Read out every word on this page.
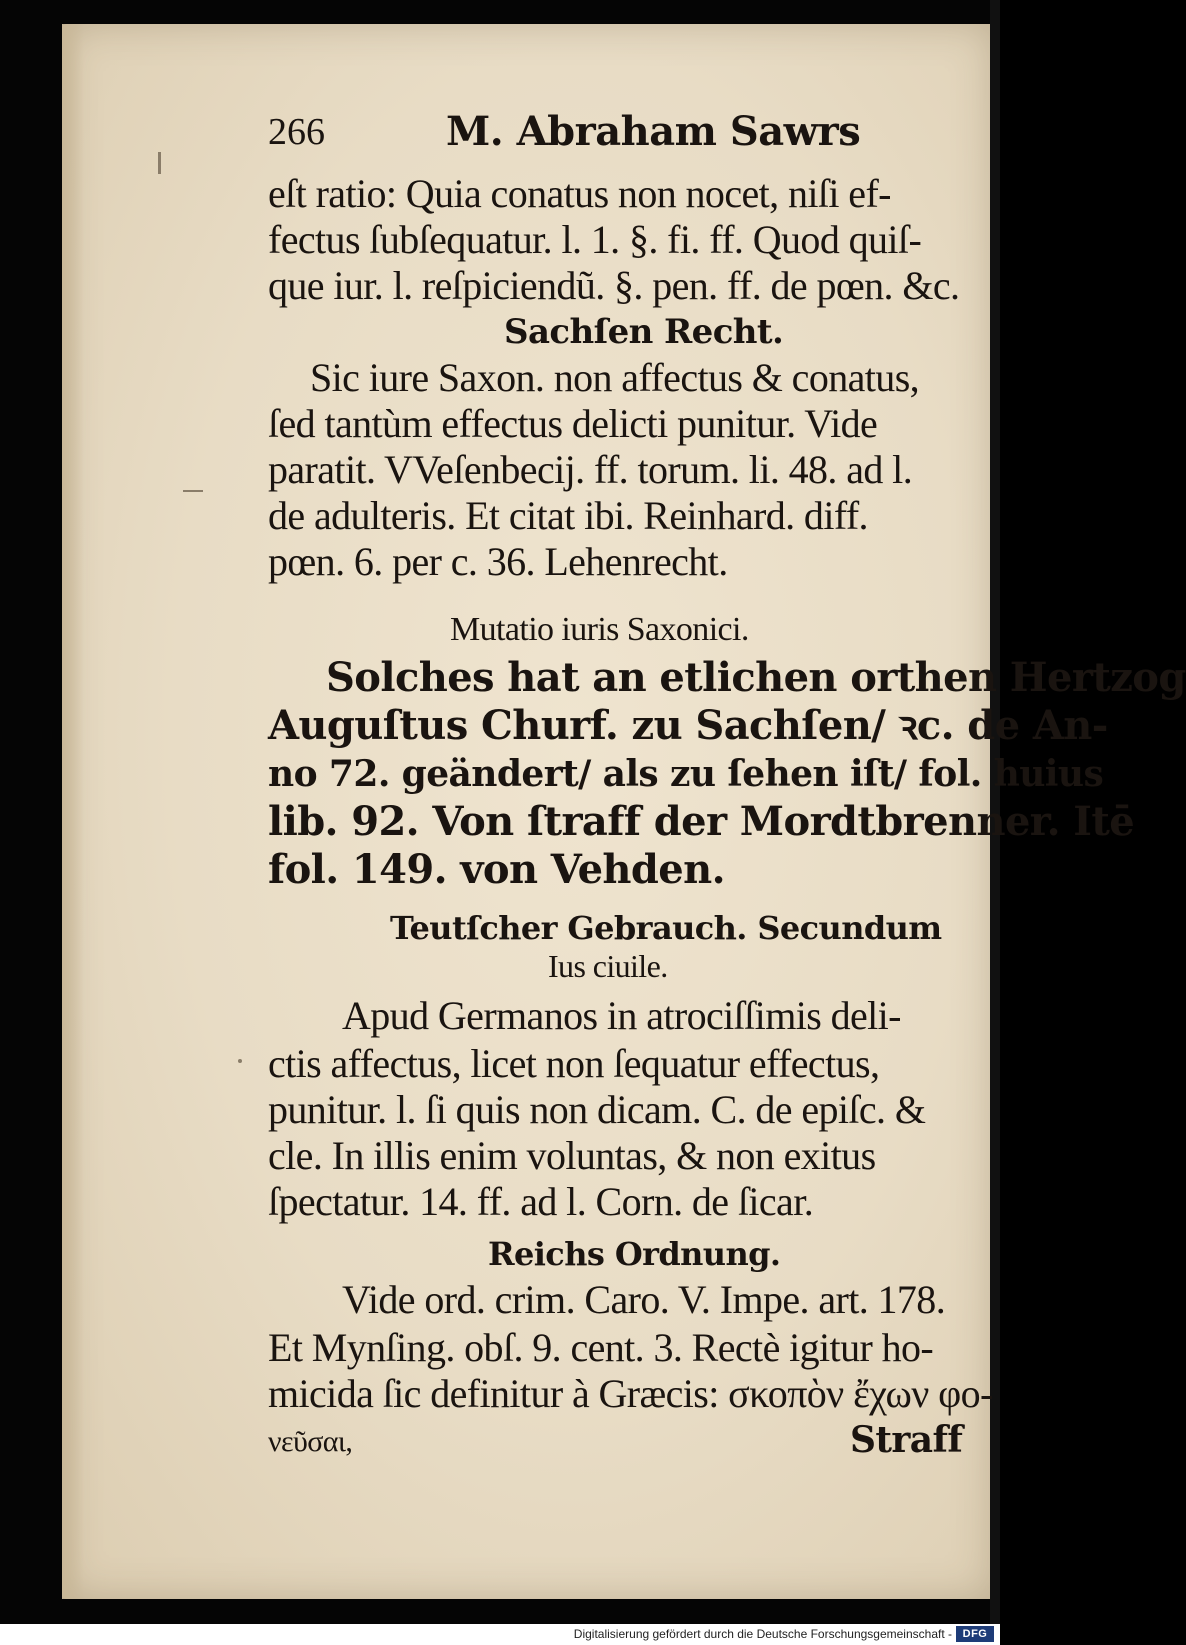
266	M. Abraham Sawrs
eſt ratio: Quia conatus non nocet, niſi ef-
fectus ſubſequatur. l. 1. §. fi. ff. Quod quiſ-
que iur. l. reſpiciendũ. §. pen. ff. de pœn. &c.
Sachſen Recht.
Sic iure Saxon. non affectus & conatus,
ſed tantùm effectus delicti punitur. Vide
paratit. VVeſenbecij. ff. torum. li. 48. ad l.
de adulteris. Et citat ibi. Reinhard. diff.
pœn. 6. per c. 36. Lehenrecht.
Mutatio iuris Saxonici.
Solches hat an etlichen orthen Hertzog
Auguſtus Churf. zu Sachſen/ ꝛc. de An-
no 72. geändert/ als zu ſehen iſt/ fol. huius
lib. 92. Von ſtraff der Mordtbrenner. Itē
fol. 149. von Vehden.
Teutſcher Gebrauch. Secundum
Ius ciuile.
Apud Germanos in atrociſſimis deli-
ctis affectus, licet non ſequatur effectus,
punitur. l. ſi quis non dicam. C. de epiſc. &
cle. In illis enim voluntas, & non exitus
ſpectatur. 14. ff. ad l. Corn. de ſicar.
Reichs Ordnung.
Vide ord. crim. Caro. V. Impe. art. 178.
Et Mynſing. obſ. 9. cent. 3. Rectè igitur ho-
micida ſic definitur à Græcis: σκοπὸν ἔχων φο-
νεῦσαι,	Straff
Digitalisierung gefördert durch die Deutsche Forschungsgemeinschaft - DFG
